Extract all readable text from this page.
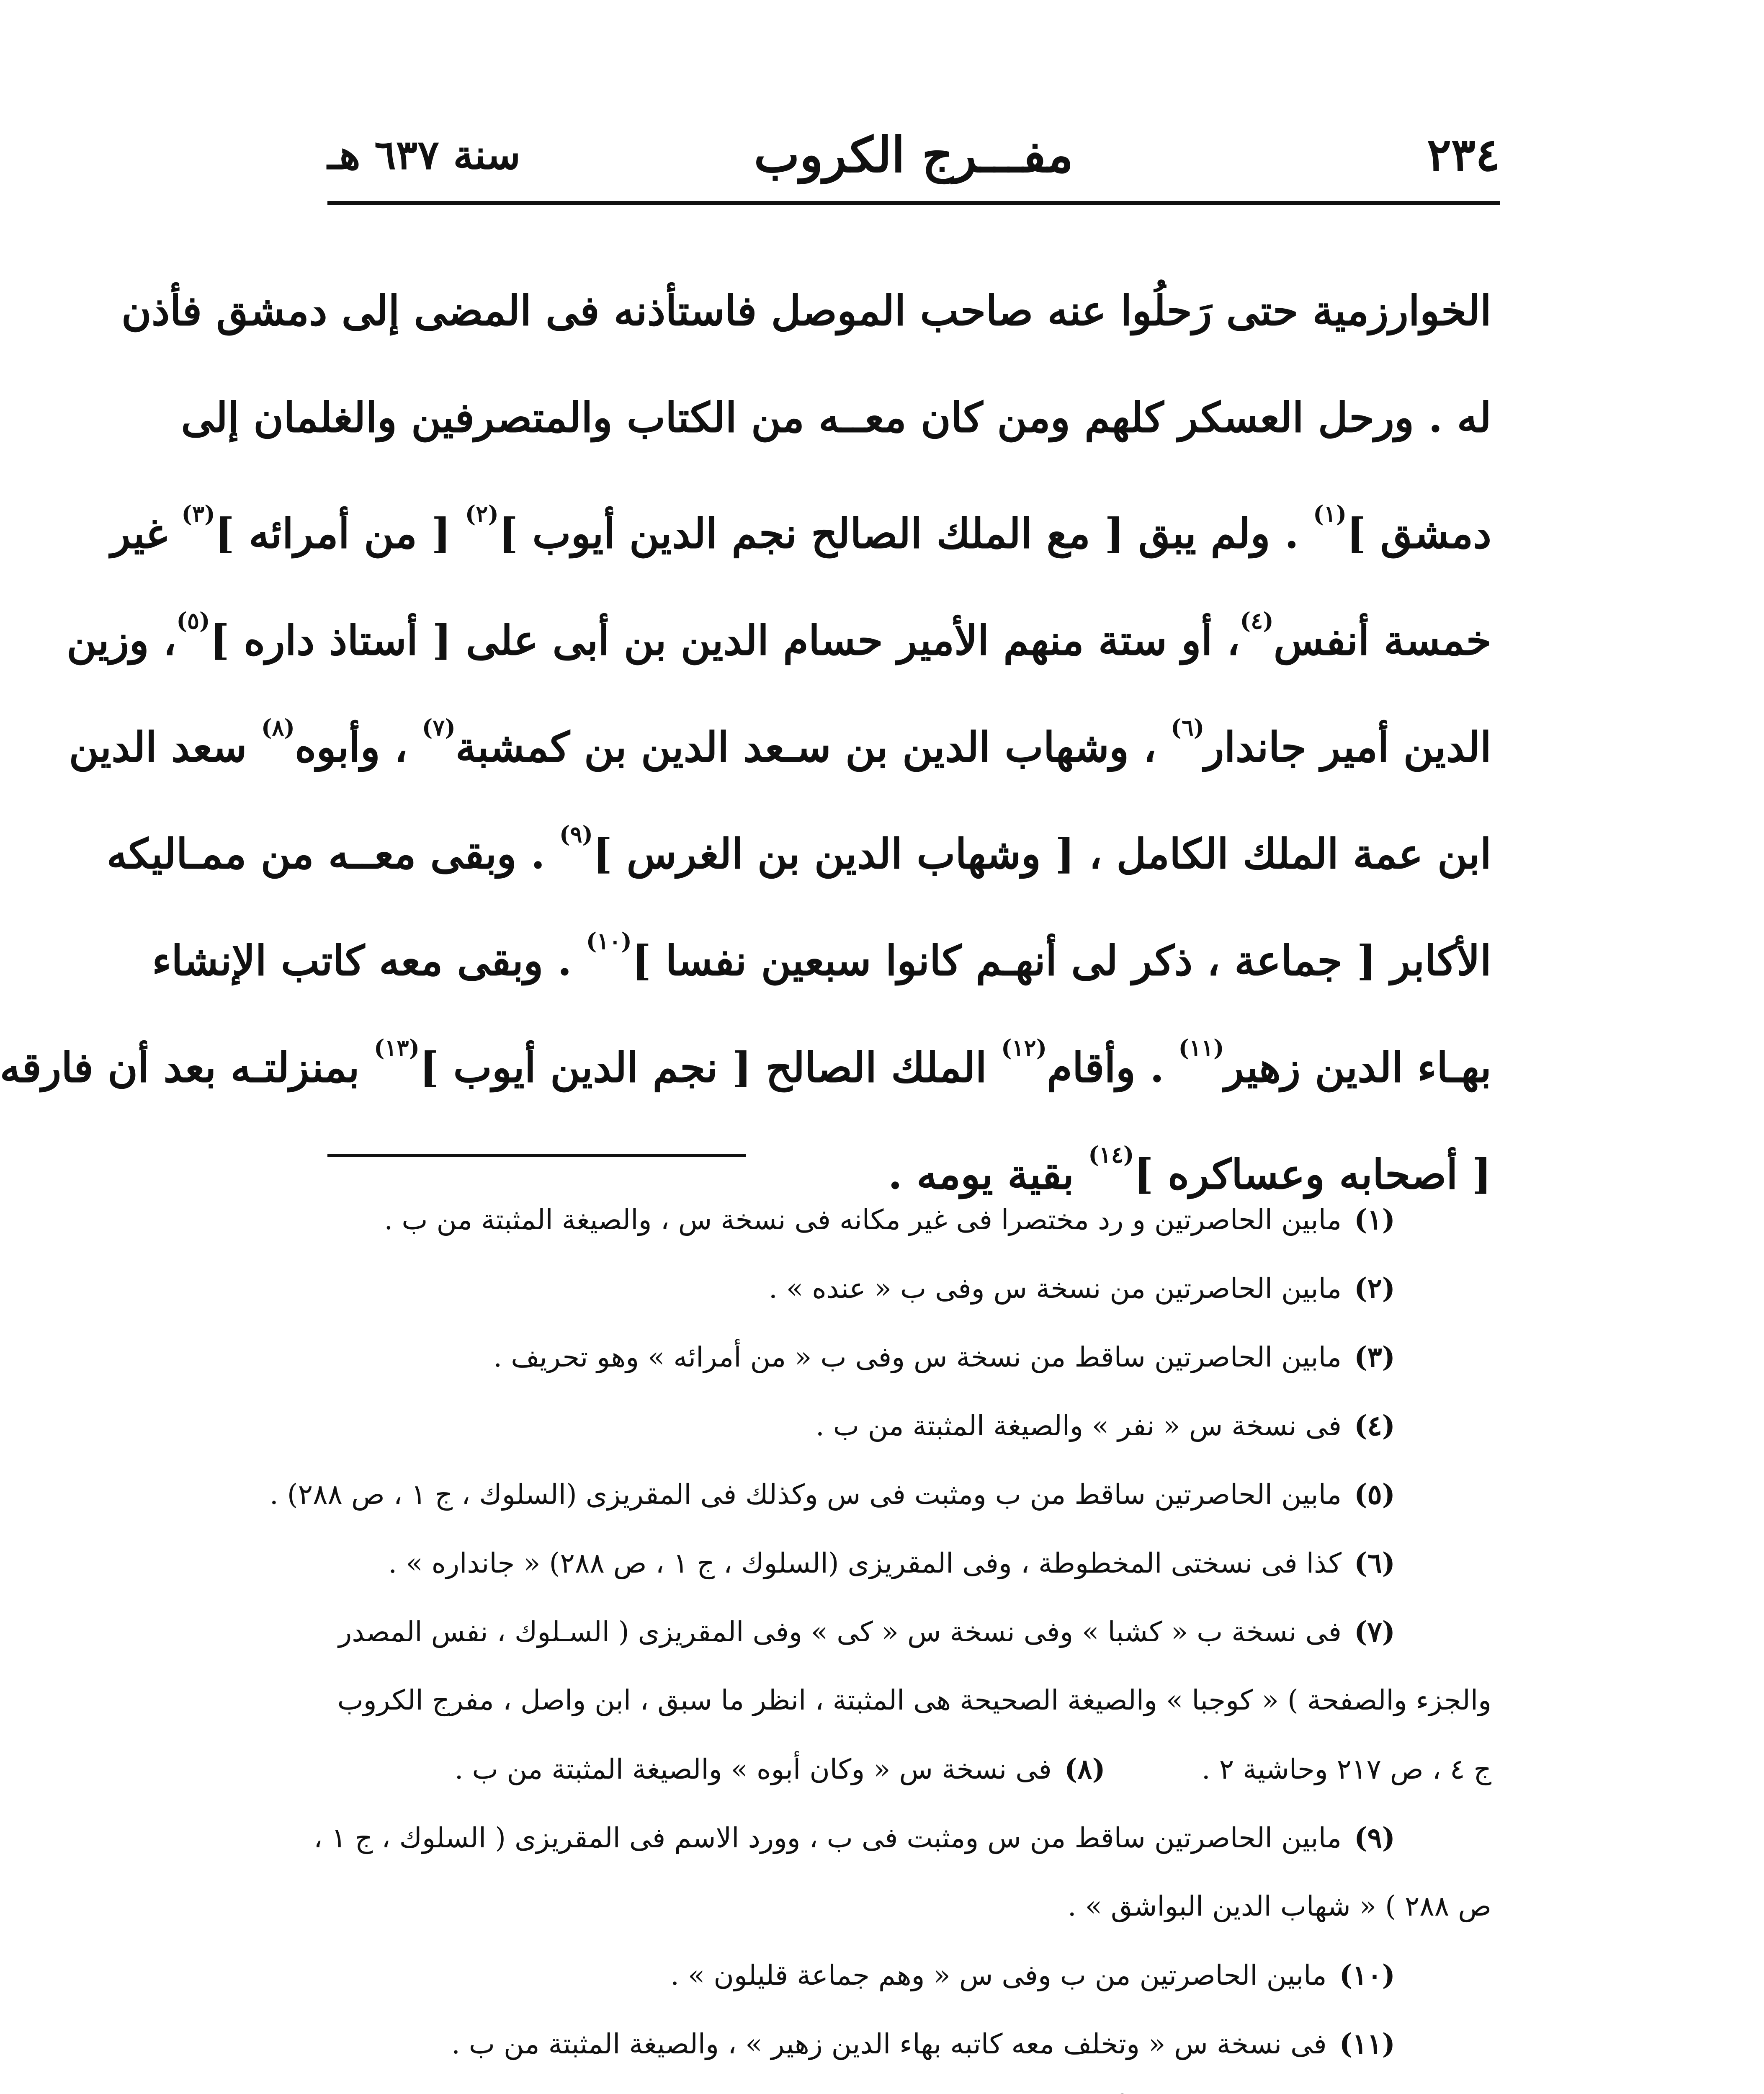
٢٣٤
مفـــرج الكروب
سنة ٦٣٧ هـ
الخوارزمية حتى رَحلُوا عنه صاحب الموصل فاستأذنه فى المضى إلى دمشق فأذن
له . ورحل العسكر كلهم ومن كان معــه من الكتاب والمتصرفين والغلمان إلى
دمشق ]$^{(١)}$ . ولم يبق [ مع الملك الصالح نجم الدين أيوب ]$^{(٢)}$ [ من أمرائه ]$^{(٣)}$ غير
خمسة أنفس$^{(٤)}$، أو ستة منهم الأمير حسام الدين بن أبى على [ أستاذ داره ]$^{(٥)}$، وزين
الدين أمير جاندار$^{(٦)}$ ، وشهاب الدين بن سـعد الدين بن كمشبة$^{(٧)}$ ، وأبوه$^{(٨)}$ سعد الدين
ابن عمة الملك الكامل ، [ وشهاب الدين بن الغرس ]$^{(٩)}$ . وبقى معــه من ممـاليكه
الأكابر [ جماعة ، ذكر لى أنهـم كانوا سبعين نفسا ]$^{(١٠)}$ . وبقى معه كاتب الإنشاء
بهـاء الدين زهير$^{(١١)}$ . وأقام$^{(١٢)}$ الملك الصالح [ نجم الدين أيوب ]$^{(١٣)}$ بمنزلتـه بعد أن فارقه
[ أصحابه وعساكره ]$^{(١٤)}$ بقية يومه .
(١)مابين الحاصرتين و رد مختصرا فى غير مكانه فى نسخة س ، والصيغة المثبتة من ب .
(٢)مابين الحاصرتين من نسخة س وفى ب « عنده » .
(٣)مابين الحاصرتين ساقط من نسخة س وفى ب « من أمرائه » وهو تحريف .
(٤)فى نسخة س « نفر » والصيغة المثبتة من ب .
(٥)مابين الحاصرتين ساقط من ب ومثبت فى س وكذلك فى المقريزى (السلوك ، ج ١ ، ص ٢٨٨) .
(٦)كذا فى نسختى المخطوطة ، وفى المقريزى (السلوك ، ج ١ ، ص ٢٨٨) « جانداره » .
(٧)فى نسخة ب « كشبا » وفى نسخة س « كى » وفى المقريزى ( السـلوك ، نفس المصدر
والجزء والصفحة ) « كوجبا » والصيغة الصحيحة هى المثبتة ، انظر ما سبق ، ابن واصل ، مفرج الكروب
ج ٤ ، ص ٢١٧ وحاشية ٢ .(٨)فى نسخة س « وكان أبوه » والصيغة المثبتة من ب .
(٩)مابين الحاصرتين ساقط من س ومثبت فى ب ، وورد الاسم فى المقريزى ( السلوك ، ج ١ ،
ص ٢٨٨ ) « شهاب الدين البواشق » .
(١٠)مابين الحاصرتين من ب وفى س « وهم جماعة قليلون » .
(١١)فى نسخة س « وتخلف معه كاتبه بهاء الدين زهير » ، والصيغة المثبتة من ب .
